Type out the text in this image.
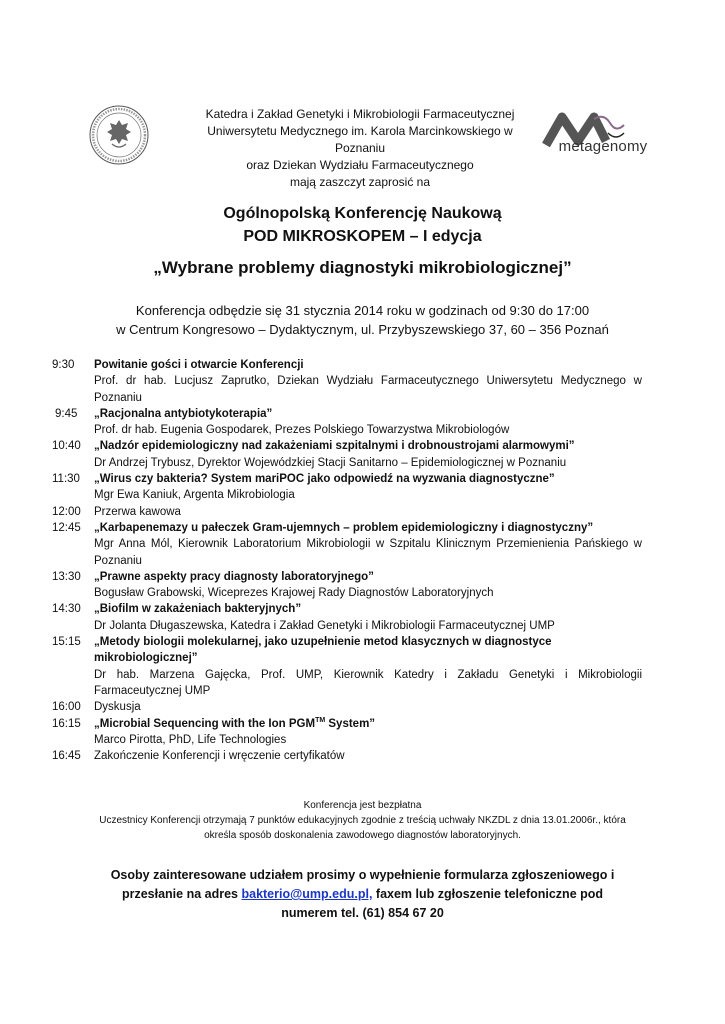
Katedra i Zakład Genetyki i Mikrobiologii Farmaceutycznej
Uniwersytetu Medycznego im. Karola Marcinkowskiego w
Poznaniu
oraz Dziekan Wydziału Farmaceutycznego
mają zaszczyt zaprosić na
metagenomy
Ogólnopolską Konferencję Naukową
POD MIKROSKOPEM – I edycja
„Wybrane problemy diagnostyki mikrobiologicznej”
Konferencja odbędzie się 31 stycznia 2014 roku w godzinach od 9:30 do 17:00
w Centrum Kongresowo – Dydaktycznym, ul. Przybyszewskiego 37, 60 – 356 Poznań
9:30	Powitanie gości i otwarcie Konferencji
Prof. dr hab. Lucjusz Zaprutko, Dziekan Wydziału Farmaceutycznego Uniwersytetu Medycznego w Poznaniu
9:45	„Racjonalna antybiotykoterapia”
Prof. dr hab. Eugenia Gospodarek, Prezes Polskiego Towarzystwa Mikrobiologów
10:40	„Nadzór epidemiologiczny nad zakażeniami szpitalnymi i drobnoustrojami alarmowymi”
Dr Andrzej Trybusz, Dyrektor Wojewódzkiej Stacji Sanitarno – Epidemiologicznej w Poznaniu
11:30	„Wirus czy bakteria? System mariPOC jako odpowiedź na wyzwania diagnostyczne”
Mgr Ewa Kaniuk, Argenta Mikrobiologia
12:00	Przerwa kawowa
12:45	„Karbapenemazy u pałeczek Gram-ujemnych – problem epidemiologiczny i diagnostyczny”
Mgr Anna Mól, Kierownik Laboratorium Mikrobiologii w Szpitalu Klinicznym Przemienienia Pańskiego w Poznaniu
13:30	„Prawne aspekty pracy diagnosty laboratoryjnego”
Bogusław Grabowski, Wiceprezes Krajowej Rady Diagnostów Laboratoryjnych
14:30	„Biofilm w zakażeniach bakteryjnych”
Dr Jolanta Długaszewska, Katedra i Zakład Genetyki i Mikrobiologii Farmaceutycznej UMP
15:15	„Metody biologii molekularnej, jako uzupełnienie metod klasycznych w diagnostyce mikrobiologicznej”
Dr hab. Marzena Gajęcka, Prof. UMP, Kierownik Katedry i Zakładu Genetyki i Mikrobiologii Farmaceutycznej UMP
16:00	Dyskusja
16:15	„Microbial Sequencing with the Ion PGM™ System”
Marco Pirotta, PhD, Life Technologies
16:45	Zakończenie Konferencji i wręczenie certyfikatów
Konferencja jest bezpłatna
Uczestnicy Konferencji otrzymają 7 punktów edukacyjnych zgodnie z treścią uchwały NKZDL z dnia 13.01.2006r., która
określa sposób doskonalenia zawodowego diagnostów laboratoryjnych.
Osoby zainteresowane udziałem prosimy o wypełnienie formularza zgłoszeniowego i
przesłanie na adres bakterio@ump.edu.pl, faxem lub zgłoszenie telefoniczne pod
numerem tel. (61) 854 67 20
